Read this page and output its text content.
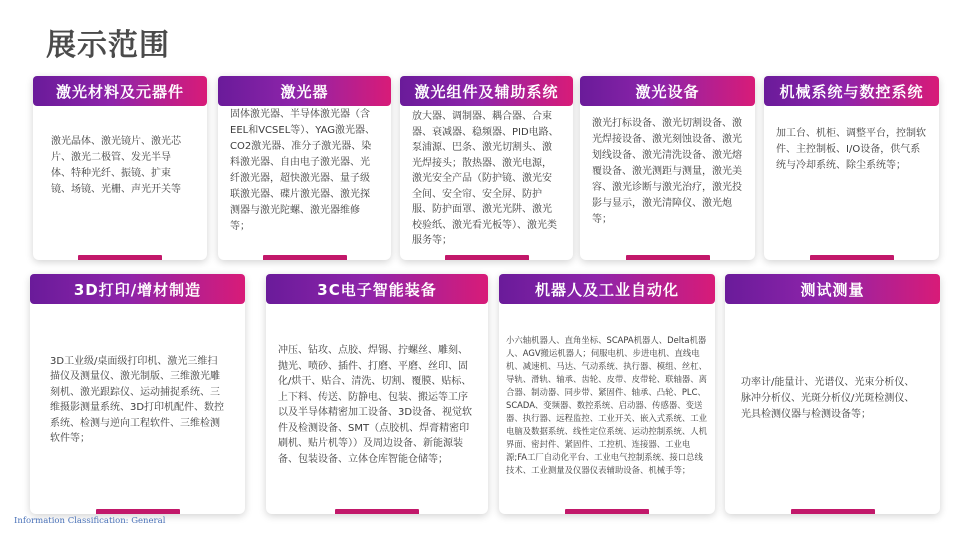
展示范围
激光材料及元器件
激光晶体、激光镜片、激光芯片、激光二极管、发光半导体、特种光纤、振镜、扩束镜、场镜、光栅、声光开关等
激光器
固体激光器、半导体激光器（含EEL和VCSEL等）、YAG激光器、CO2激光器、准分子激光器、染料激光器、自由电子激光器、光纤激光器，超快激光器、量子级联激光器、碟片激光器、激光探测器与激光陀螺、激光器维修等；
激光组件及辅助系统
放大器、调制器、耦合器、合束器、衰减器、稳频器、PID电路、泵浦源、巴条、激光切割头、激光焊接头；散热器、激光电源，激光安全产品（防护镜、激光安全间、安全帘、安全屏、防护服、防护面罩、激光光阱、激光校验纸、激光看光板等）、激光类服务等；
激光设备
激光打标设备、激光切割设备、激光焊接设备、激光刻蚀设备、激光划线设备、激光清洗设备、激光熔覆设备、激光测距与测量，激光美容、激光诊断与激光治疗，激光投影与显示，激光清障仪、激光炮等；
机械系统与数控系统
加工台、机柜、调整平台，控制软件、主控制板、I/O设备，供气系统与冷却系统、除尘系统等；
3D打印/增材制造
3D工业级/桌面级打印机、激光三维扫描仪及测量仪、激光制版、三维激光雕刻机、激光跟踪仪、运动捕捉系统、三维摄影测量系统、3D打印机配件、数控系统、检测与逆向工程软件、三维检测软件等；
3C电子智能装备
冲压、钻攻、点胶、焊锡、拧螺丝、雕刻、抛光、喷砂、插件、打磨、平磨、丝印、固化/烘干、贴合、清洗、切割、覆膜、贴标、上下料、传送、防静电、包装、搬运等工序以及半导体精密加工设备、3D设备、视觉软件及检测设备、SMT（点胶机、焊膏精密印刷机、贴片机等））及周边设备、新能源装备、包装设备、立体仓库智能仓储等；
机器人及工业自动化
小六轴机器人、直角坐标、SCAPA机器人、Delta机器人、AGV搬运机器人；伺服电机、步进电机、直线电机、减速机、马达、气动系统、执行器、模组、丝杠、导轨、滑轨、轴承、齿轮、皮带、皮带轮、联轴器、离合器、制动器、同步带、紧固件、轴承、凸轮、PLC、SCADA、变频器、数控系统、启动器、传感器、变送器、执行器、远程监控、工业开关、嵌入式系统、工业电脑及数据系统、线性定位系统、运动控制系统、人机界面、密封件、紧固件、工控机、连接器、工业电源;FA工厂自动化平台、工业电气控制系统、接口总线技术、工业测量及仪器仪表辅助设备、机械手等；
测试测量
功率计/能量计、光谱仪、光束分析仪、脉冲分析仪、光斑分析仪/光斑检测仪、光具检测仪器与检测设备等；
Information Classification: General
